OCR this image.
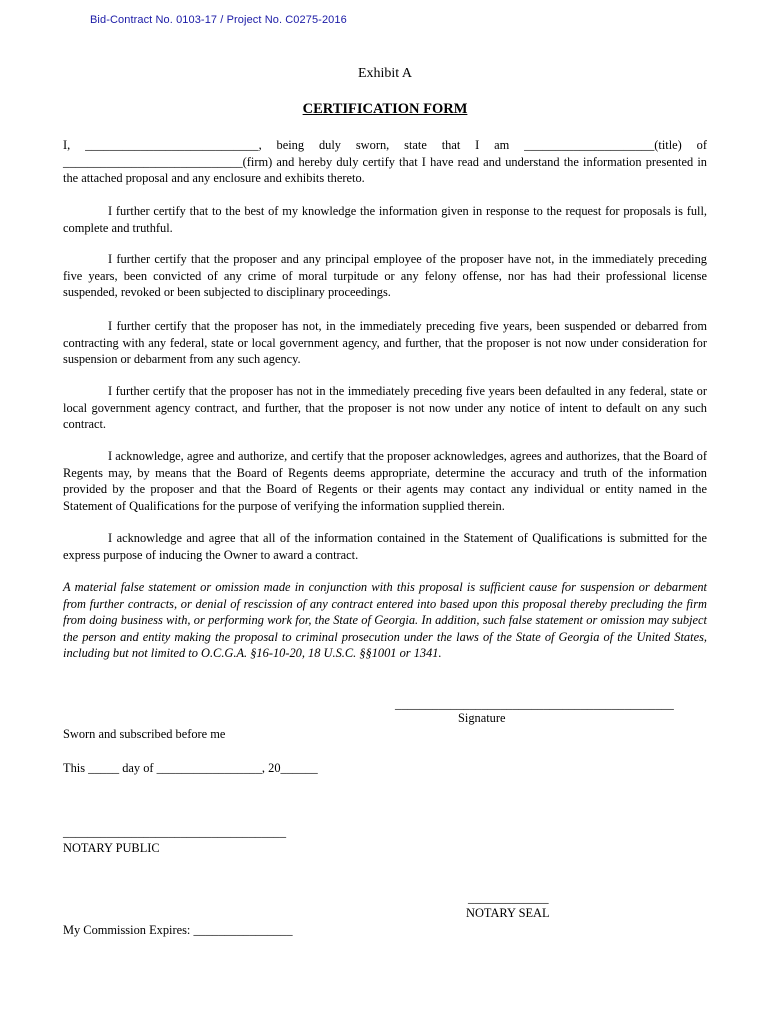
Bid-Contract No. 0103-17 / Project No. C0275-2016
Exhibit A
CERTIFICATION FORM
I, ____________________________, being duly sworn, state that I am _____________________(title) of _____________________________(firm) and hereby duly certify that I have read and understand the information presented in the attached proposal and any enclosure and exhibits thereto.
I further certify that to the best of my knowledge the information given in response to the request for proposals is full, complete and truthful.
I further certify that the proposer and any principal employee of the proposer have not, in the immediately preceding five years, been convicted of any crime of moral turpitude or any felony offense, nor has had their professional license suspended, revoked or been subjected to disciplinary proceedings.
I further certify that the proposer has not, in the immediately preceding five years, been suspended or debarred from contracting with any federal, state or local government agency, and further, that the proposer is not now under consideration for suspension or debarment from any such agency.
I further certify that the proposer has not in the immediately preceding five years been defaulted in any federal, state or local government agency contract, and further, that the proposer is not now under any notice of intent to default on any such contract.
I acknowledge, agree and authorize, and certify that the proposer acknowledges, agrees and authorizes, that the Board of Regents may, by means that the Board of Regents deems appropriate, determine the accuracy and truth of the information provided by the proposer and that the Board of Regents or their agents may contact any individual or entity named in the Statement of Qualifications for the purpose of verifying the information supplied therein.
I acknowledge and agree that all of the information contained in the Statement of Qualifications is submitted for the express purpose of inducing the Owner to award a contract.
A material false statement or omission made in conjunction with this proposal is sufficient cause for suspension or debarment from further contracts, or denial of rescission of any contract entered into based upon this proposal thereby precluding the firm from doing business with, or performing work for, the State of Georgia. In addition, such false statement or omission may subject the person and entity making the proposal to criminal prosecution under the laws of the State of Georgia of the United States, including but not limited to O.C.G.A. §16-10-20, 18 U.S.C. §§1001 or 1341.
_____________________________________________
Signature
Sworn and subscribed before me
This _____ day of _________________, 20______
____________________________________
NOTARY PUBLIC
_____________
NOTARY SEAL
My Commission Expires: ________________
